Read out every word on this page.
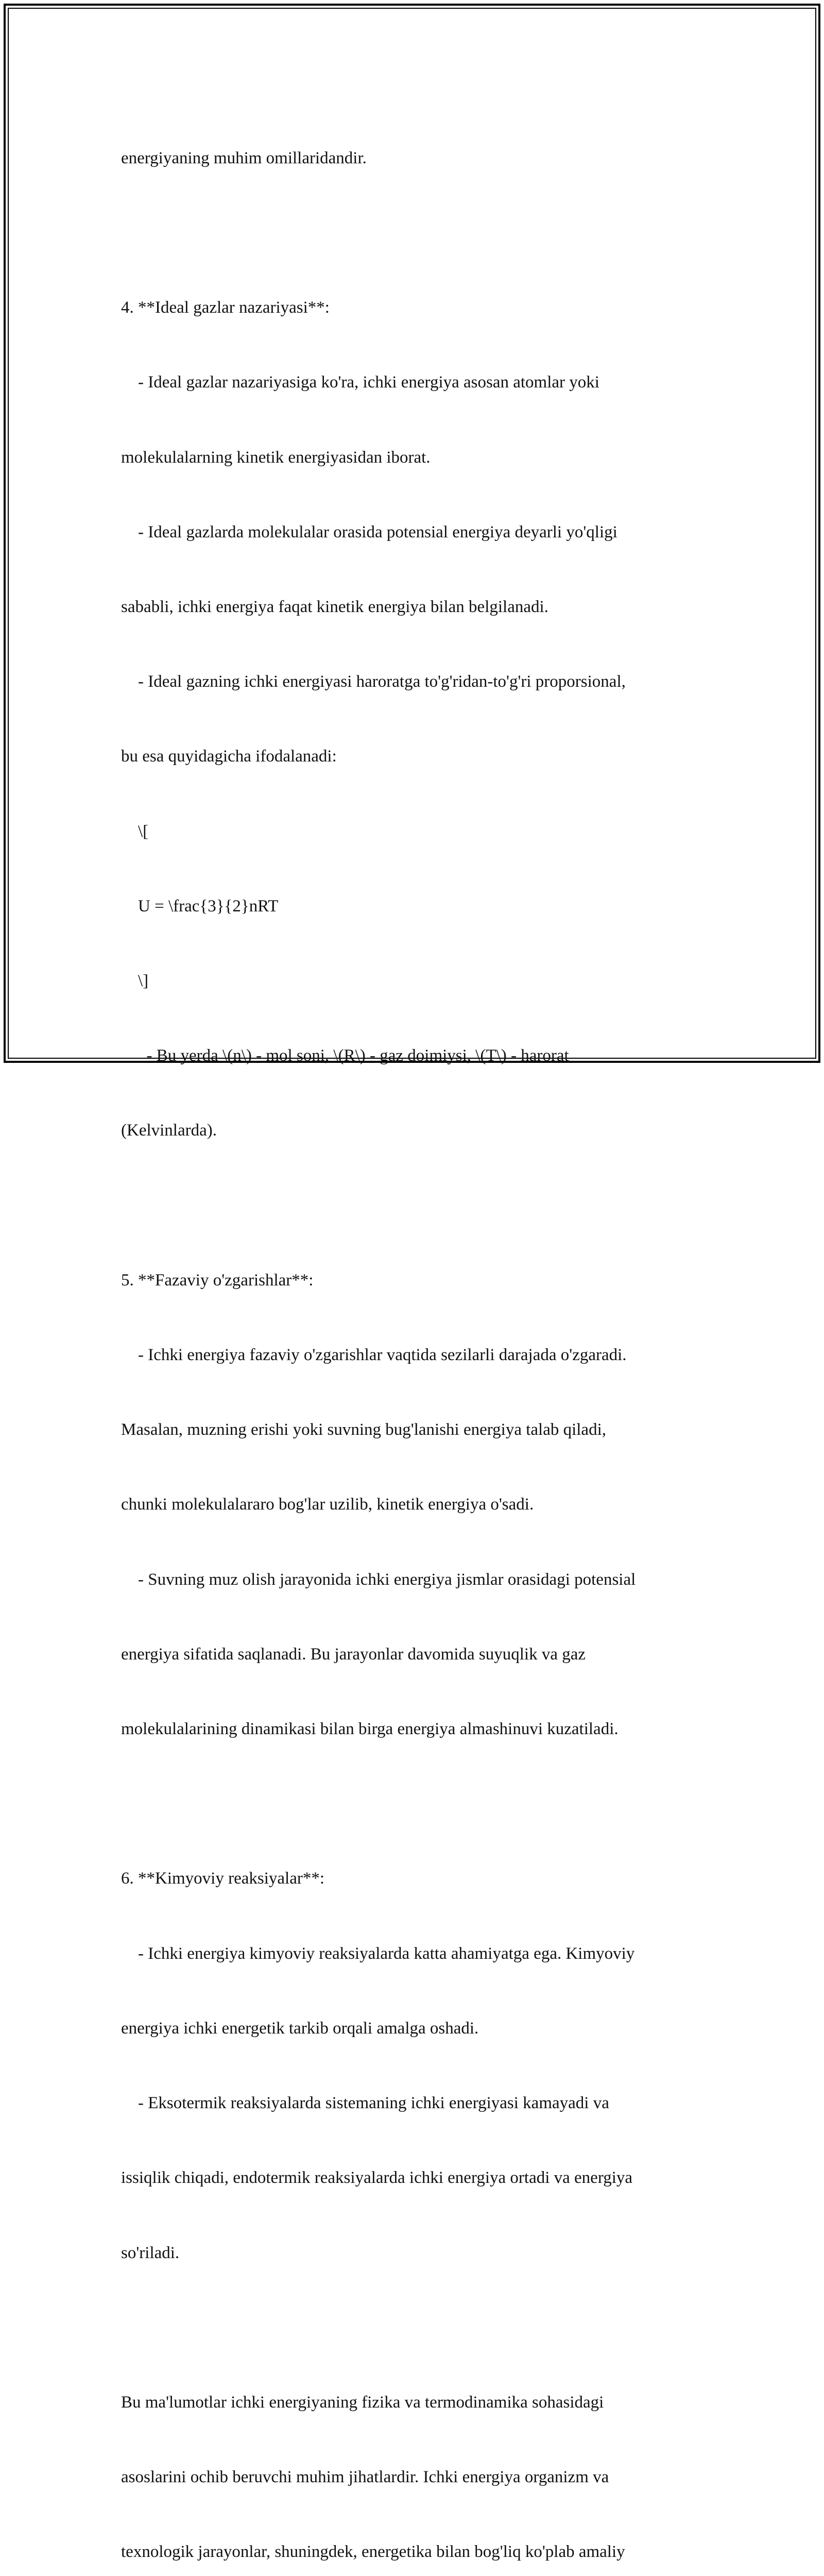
energiyaning muhim omillaridandir.

4. **Ideal gazlar nazariyasi**:

- Ideal gazlar nazariyasiga ko'ra, ichki energiya asosan atomlar yoki

molekulalarning kinetik energiyasidan iborat.

- Ideal gazlarda molekulalar orasida potensial energiya deyarli yo'qligi

sababli, ichki energiya faqat kinetik energiya bilan belgilanadi.

- Ideal gazning ichki energiyasi haroratga to'g'ridan-to'g'ri proporsional,

bu esa quyidagicha ifodalanadi:

\[

U = \frac{3}{2}nRT

\]

- Bu yerda \(n\) - mol soni, \(R\) - gaz doimiysi, \(T\) - harorat

(Kelvinlarda).

5. **Fazaviy o'zgarishlar**:

- Ichki energiya fazaviy o'zgarishlar vaqtida sezilarli darajada o'zgaradi.

Masalan, muzning erishi yoki suvning bug'lanishi energiya talab qiladi,

chunki molekulalararo bog'lar uzilib, kinetik energiya o'sadi.

- Suvning muz olish jarayonida ichki energiya jismlar orasidagi potensial

energiya sifatida saqlanadi. Bu jarayonlar davomida suyuqlik va gaz

molekulalarining dinamikasi bilan birga energiya almashinuvi kuzatiladi.

6. **Kimyoviy reaksiyalar**:

- Ichki energiya kimyoviy reaksiyalarda katta ahamiyatga ega. Kimyoviy

energiya ichki energetik tarkib orqali amalga oshadi.

- Eksotermik reaksiyalarda sistemaning ichki energiyasi kamayadi va

issiqlik chiqadi, endotermik reaksiyalarda ichki energiya ortadi va energiya

so'riladi.

Bu ma'lumotlar ichki energiyaning fizika va termodinamika sohasidagi

asoslarini ochib beruvchi muhim jihatlardir. Ichki energiya organizm va

texnologik jarayonlar, shuningdek, energetika bilan bog'liq ko'plab amaliy
